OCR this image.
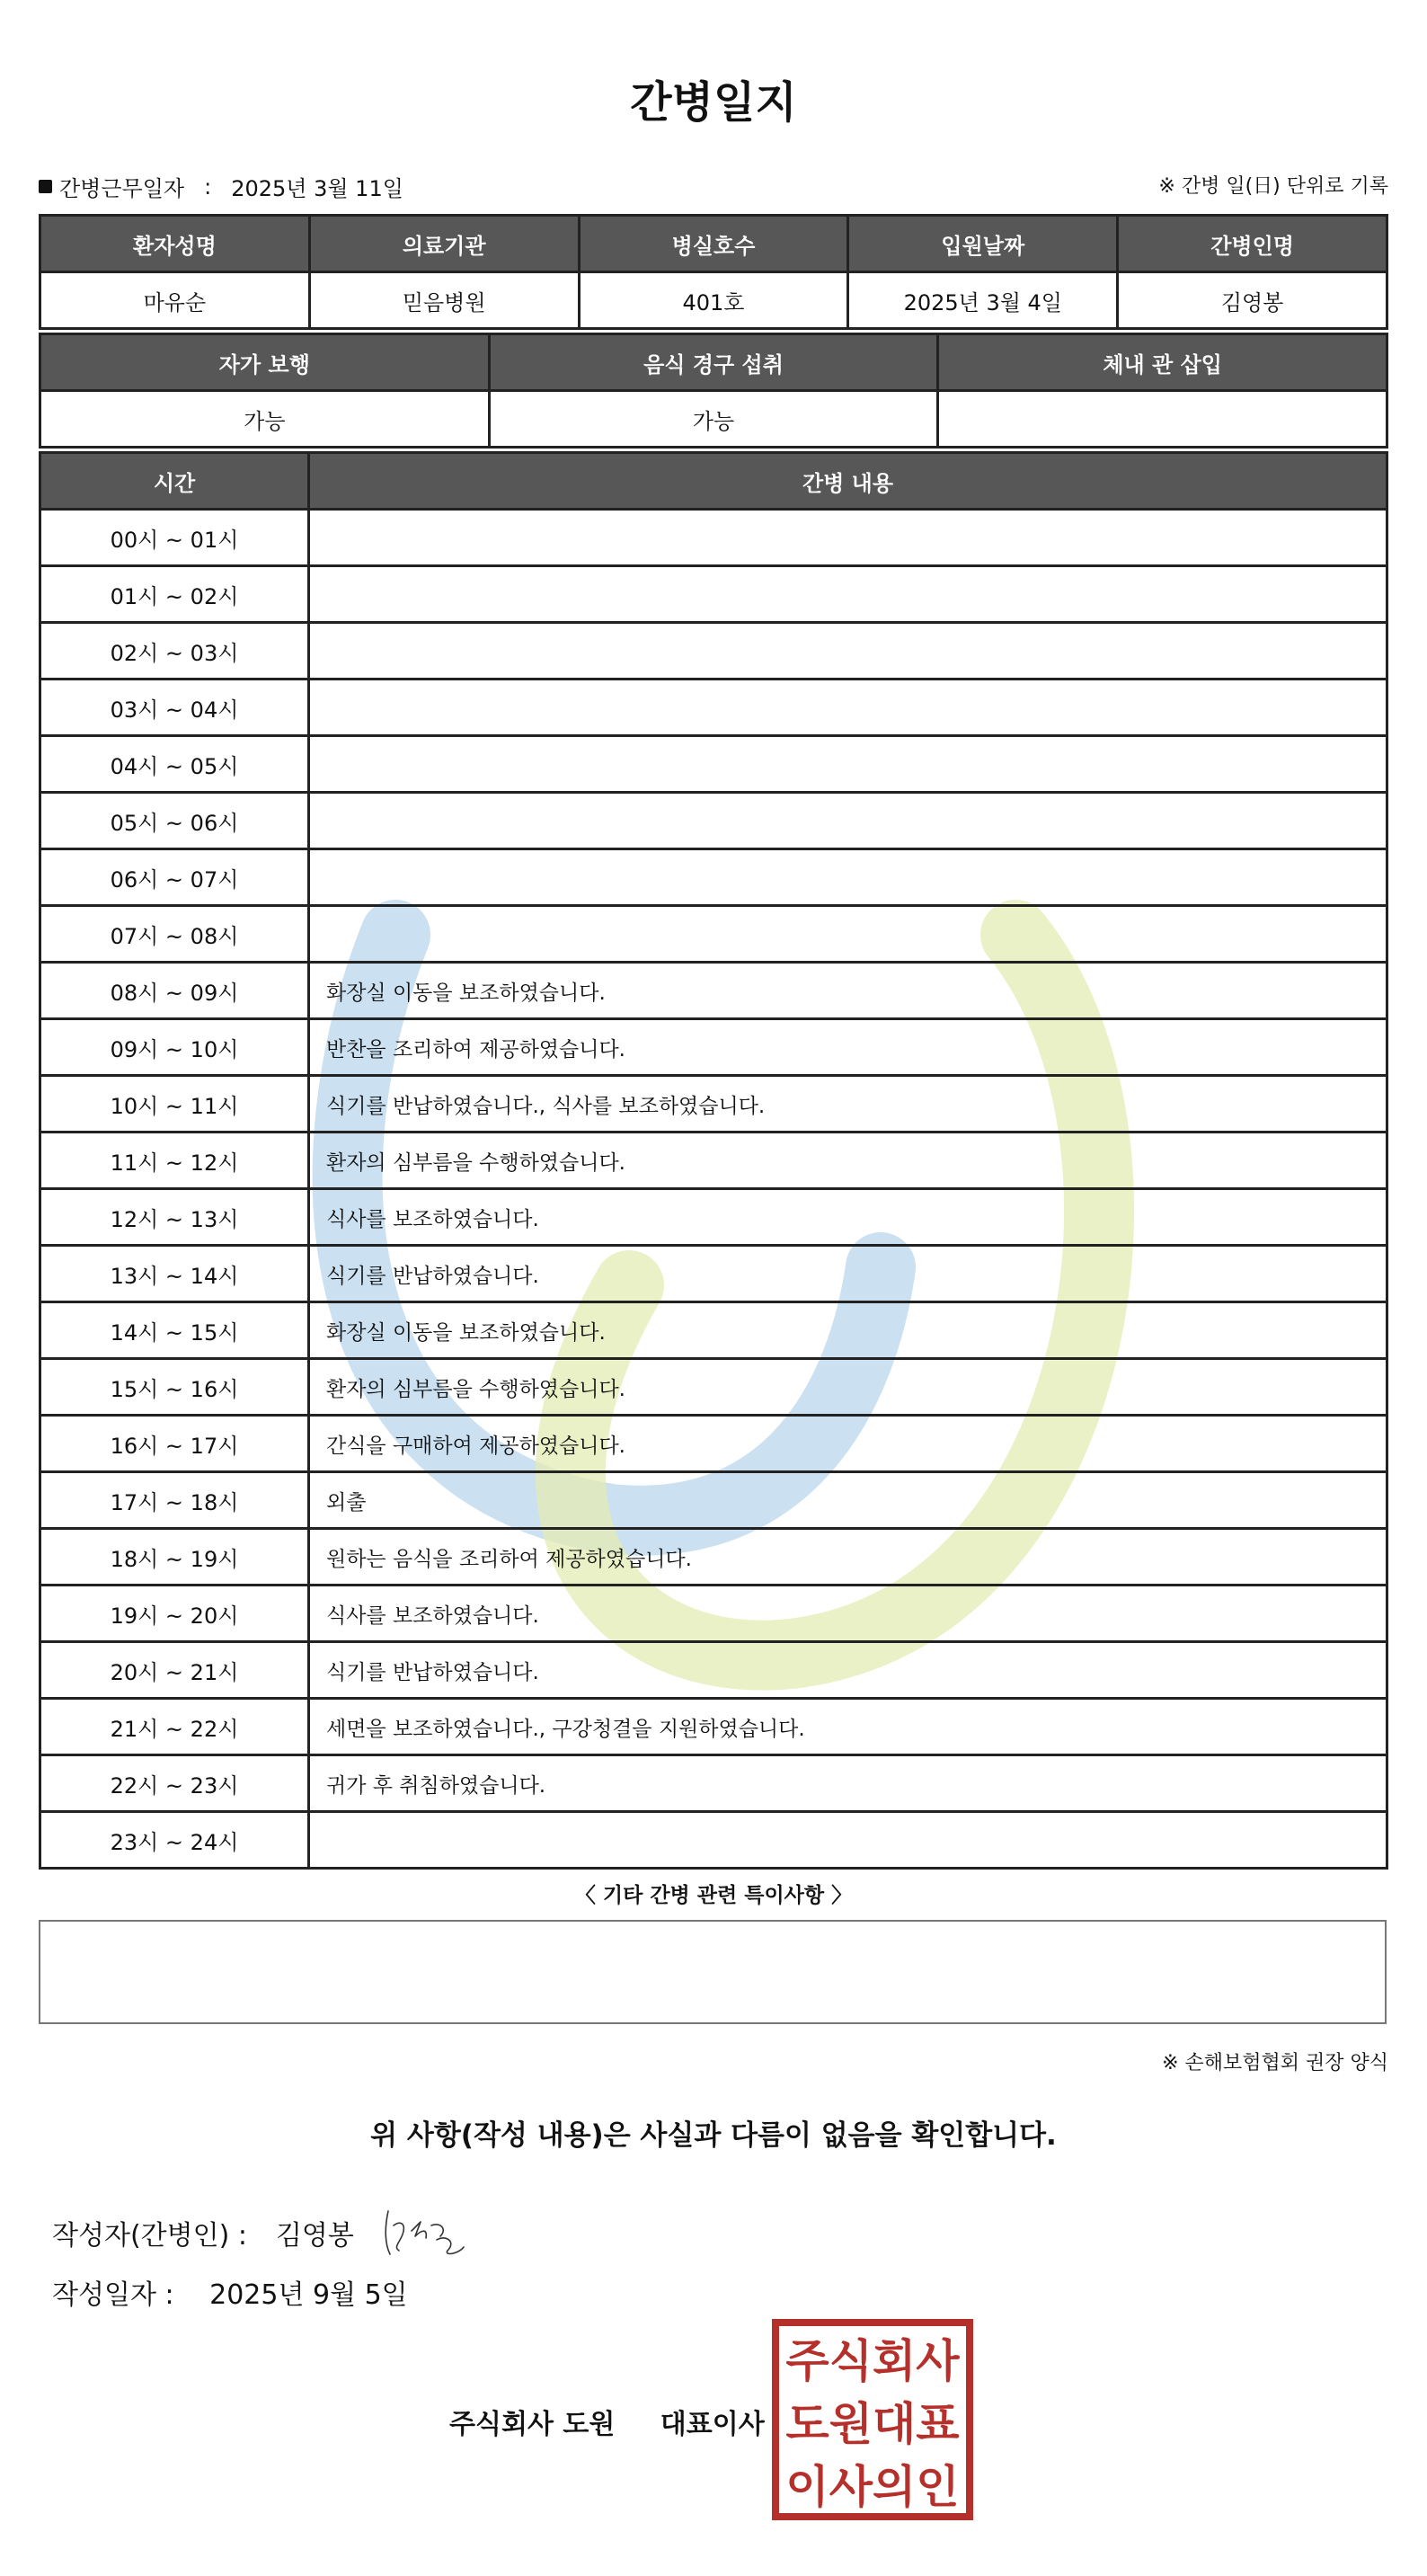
간병일지
간병근무일자 : 2025년 3월 11일	※ 간병 일(日) 단위로 기록
환자성명	의료기관	병실호수	입원날짜	간병인명
마유순	믿음병원	401호	2025년 3월 4일	김영봉
자가 보행	음식 경구 섭취	체내 관 삽입
가능	가능	
시간	간병 내용
00시 ~ 01시	
01시 ~ 02시	
02시 ~ 03시	
03시 ~ 04시	
04시 ~ 05시	
05시 ~ 06시	
06시 ~ 07시	
07시 ~ 08시	
08시 ~ 09시	화장실 이동을 보조하였습니다.
09시 ~ 10시	반찬을 조리하여 제공하였습니다.
10시 ~ 11시	식기를 반납하였습니다., 식사를 보조하였습니다.
11시 ~ 12시	환자의 심부름을 수행하였습니다.
12시 ~ 13시	식사를 보조하였습니다.
13시 ~ 14시	식기를 반납하였습니다.
14시 ~ 15시	화장실 이동을 보조하였습니다.
15시 ~ 16시	환자의 심부름을 수행하였습니다.
16시 ~ 17시	간식을 구매하여 제공하였습니다.
17시 ~ 18시	외출
18시 ~ 19시	원하는 음식을 조리하여 제공하였습니다.
19시 ~ 20시	식사를 보조하였습니다.
20시 ~ 21시	식기를 반납하였습니다.
21시 ~ 22시	세면을 보조하였습니다., 구강청결을 지원하였습니다.
22시 ~ 23시	귀가 후 취침하였습니다.
23시 ~ 24시	
〈 기타 간병 관련 특이사항 〉
※ 손해보험협회 권장 양식
위 사항(작성 내용)은 사실과 다름이 없음을 확인합니다.
작성자(간병인) : 김영봉
작성일자 : 2025년 9월 5일
주식회사 도원 대표이사
주식회사
도원대표
이사의인
